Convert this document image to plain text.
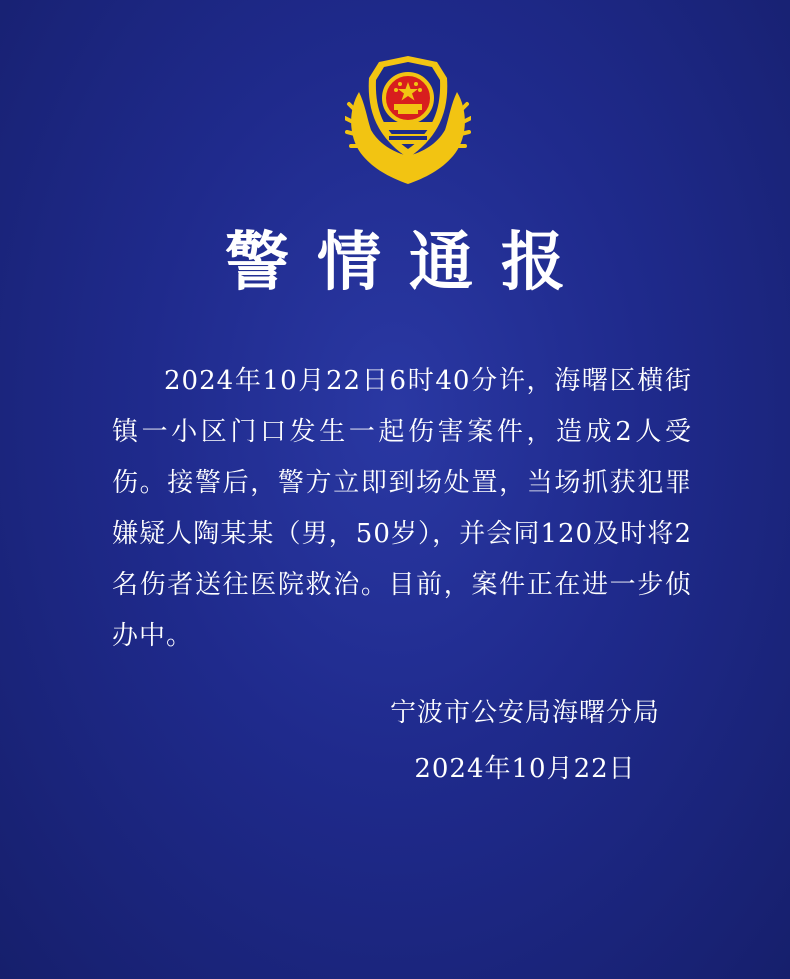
警情通报
2024年10月22日6时40分许，海曙区横街镇一小区门口发生一起伤害案件，造成2人受伤。接警后，警方立即到场处置，当场抓获犯罪嫌疑人陶某某（男，50岁），并会同120及时将2名伤者送往医院救治。目前，案件正在进一步侦办中。
宁波市公安局海曙分局
2024年10月22日
